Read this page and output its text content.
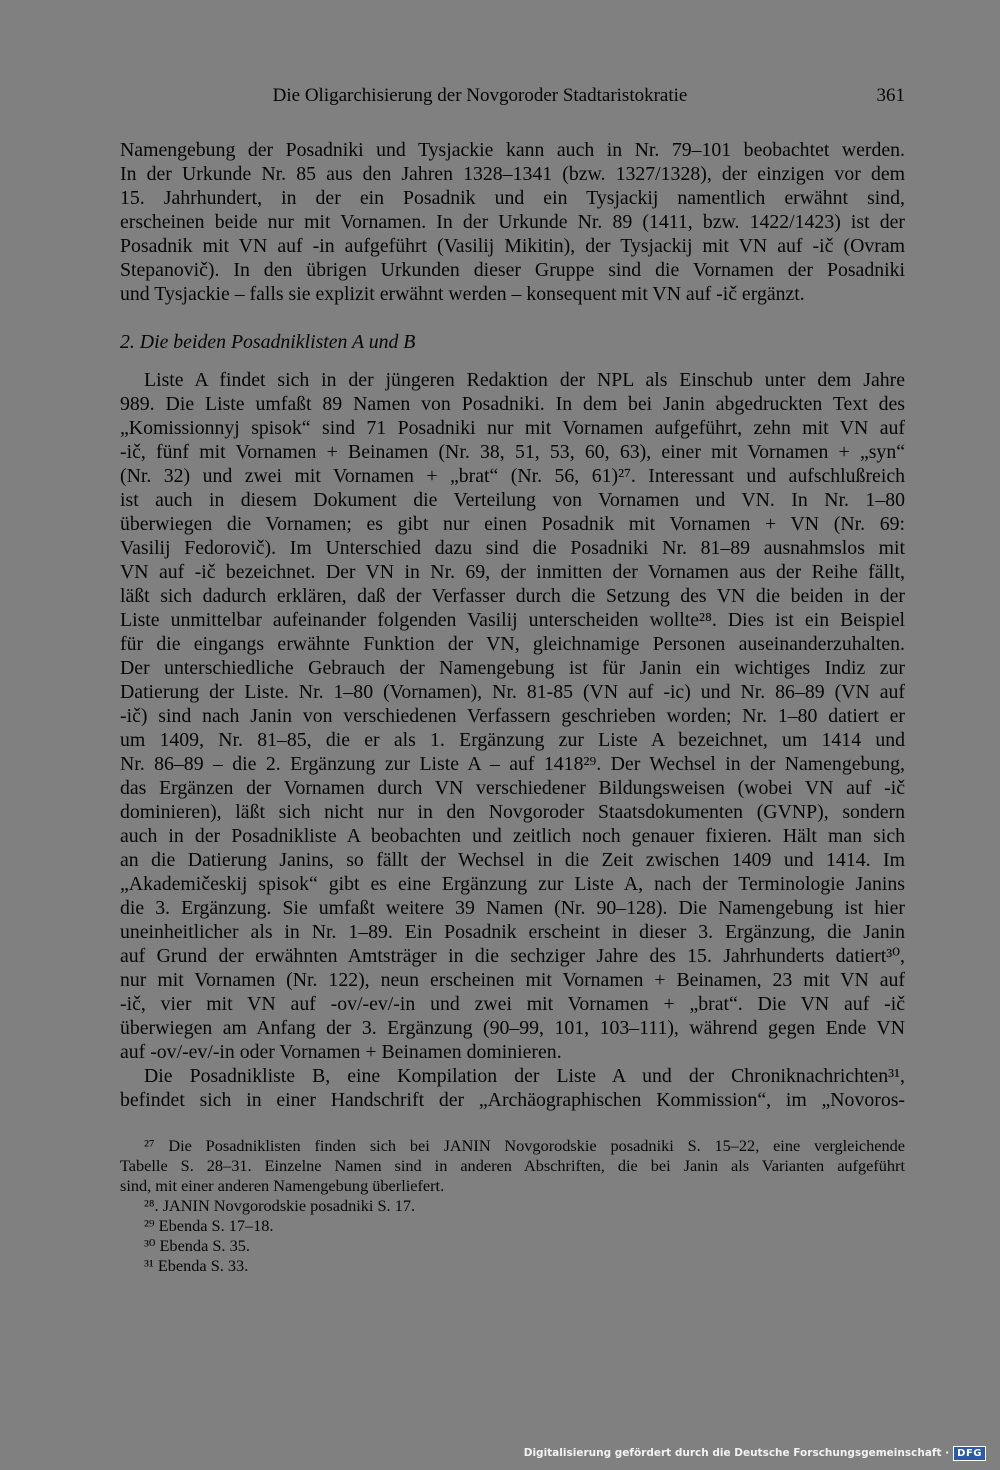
Die Oligarchisierung der Novgoroder Stadtaristokratie	361
Namengebung der Posadniki und Tysjackie kann auch in Nr. 79–101 beobachtet werden.
In der Urkunde Nr. 85 aus den Jahren 1328–1341 (bzw. 1327/1328), der einzigen vor dem
15. Jahrhundert, in der ein Posadnik und ein Tysjackij namentlich erwähnt sind,
erscheinen beide nur mit Vornamen. In der Urkunde Nr. 89 (1411, bzw. 1422/1423) ist der
Posadnik mit VN auf -in aufgeführt (Vasilij Mikitin), der Tysjackij mit VN auf -ič (Ovram
Stepanovič). In den übrigen Urkunden dieser Gruppe sind die Vornamen der Posadniki
und Tysjackie – falls sie explizit erwähnt werden – konsequent mit VN auf -ič ergänzt.
2. Die beiden Posadniklisten A und B
Liste A findet sich in der jüngeren Redaktion der NPL als Einschub unter dem Jahre
989. Die Liste umfaßt 89 Namen von Posadniki. In dem bei Janin abgedruckten Text des
„Komissionnyj spisok“ sind 71 Posadniki nur mit Vornamen aufgeführt, zehn mit VN auf
-ič, fünf mit Vornamen + Beinamen (Nr. 38, 51, 53, 60, 63), einer mit Vornamen + „syn“
(Nr. 32) und zwei mit Vornamen + „brat“ (Nr. 56, 61)²⁷. Interessant und aufschlußreich
ist auch in diesem Dokument die Verteilung von Vornamen und VN. In Nr. 1–80
überwiegen die Vornamen; es gibt nur einen Posadnik mit Vornamen + VN (Nr. 69:
Vasilij Fedorovič). Im Unterschied dazu sind die Posadniki Nr. 81–89 ausnahmslos mit
VN auf -ič bezeichnet. Der VN in Nr. 69, der inmitten der Vornamen aus der Reihe fällt,
läßt sich dadurch erklären, daß der Verfasser durch die Setzung des VN die beiden in der
Liste unmittelbar aufeinander folgenden Vasilij unterscheiden wollte²⁸. Dies ist ein Beispiel
für die eingangs erwähnte Funktion der VN, gleichnamige Personen auseinanderzuhalten.
Der unterschiedliche Gebrauch der Namengebung ist für Janin ein wichtiges Indiz zur
Datierung der Liste. Nr. 1–80 (Vornamen), Nr. 81-85 (VN auf -ic) und Nr. 86–89 (VN auf
-ič) sind nach Janin von verschiedenen Verfassern geschrieben worden; Nr. 1–80 datiert er
um 1409, Nr. 81–85, die er als 1. Ergänzung zur Liste A bezeichnet, um 1414 und
Nr. 86–89 – die 2. Ergänzung zur Liste A – auf 1418²⁹. Der Wechsel in der Namengebung,
das Ergänzen der Vornamen durch VN verschiedener Bildungsweisen (wobei VN auf -ič
dominieren), läßt sich nicht nur in den Novgoroder Staatsdokumenten (GVNP), sondern
auch in der Posadnikliste A beobachten und zeitlich noch genauer fixieren. Hält man sich
an die Datierung Janins, so fällt der Wechsel in die Zeit zwischen 1409 und 1414. Im
„Akademičeskij spisok“ gibt es eine Ergänzung zur Liste A, nach der Terminologie Janins
die 3. Ergänzung. Sie umfaßt weitere 39 Namen (Nr. 90–128). Die Namengebung ist hier
uneinheitlicher als in Nr. 1–89. Ein Posadnik erscheint in dieser 3. Ergänzung, die Janin
auf Grund der erwähnten Amtsträger in die sechziger Jahre des 15. Jahrhunderts datiert³⁰,
nur mit Vornamen (Nr. 122), neun erscheinen mit Vornamen + Beinamen, 23 mit VN auf
-ič, vier mit VN auf -ov/-ev/-in und zwei mit Vornamen + „brat“. Die VN auf -ič
überwiegen am Anfang der 3. Ergänzung (90–99, 101, 103–111), während gegen Ende VN
auf -ov/-ev/-in oder Vornamen + Beinamen dominieren.
Die Posadnikliste B, eine Kompilation der Liste A und der Chroniknachrichten³¹,
befindet sich in einer Handschrift der „Archäographischen Kommission“, im „Novoros-
²⁷ Die Posadniklisten finden sich bei JANIN Novgorodskie posadniki S. 15–22, eine vergleichende
Tabelle S. 28–31. Einzelne Namen sind in anderen Abschriften, die bei Janin als Varianten aufgeführt
sind, mit einer anderen Namengebung überliefert.
²⁸. JANIN Novgorodskie posadniki S. 17.
²⁹ Ebenda S. 17–18.
³⁰ Ebenda S. 35.
³¹ Ebenda S. 33.
Digitalisierung gefördert durch die Deutsche Forschungsgemeinschaft · DFG
